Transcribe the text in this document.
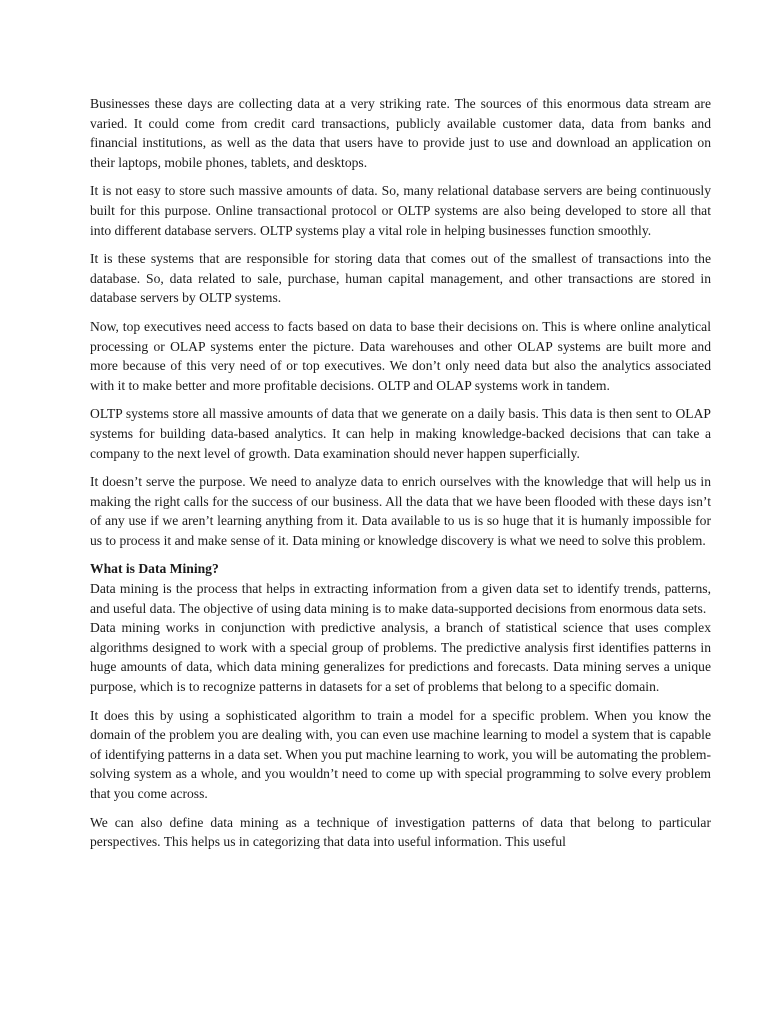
Businesses these days are collecting data at a very striking rate. The sources of this enormous data stream are varied. It could come from credit card transactions, publicly available customer data, data from banks and financial institutions, as well as the data that users have to provide just to use and download an application on their laptops, mobile phones, tablets, and desktops.

It is not easy to store such massive amounts of data. So, many relational database servers are being continuously built for this purpose. Online transactional protocol or OLTP systems are also being developed to store all that into different database servers. OLTP systems play a vital role in helping businesses function smoothly.

It is these systems that are responsible for storing data that comes out of the smallest of transactions into the database. So, data related to sale, purchase, human capital management, and other transactions are stored in database servers by OLTP systems.

Now, top executives need access to facts based on data to base their decisions on. This is where online analytical processing or OLAP systems enter the picture. Data warehouses and other OLAP systems are built more and more because of this very need of or top executives. We don’t only need data but also the analytics associated with it to make better and more profitable decisions. OLTP and OLAP systems work in tandem.

OLTP systems store all massive amounts of data that we generate on a daily basis. This data is then sent to OLAP systems for building data-based analytics. It can help in making knowledge-backed decisions that can take a company to the next level of growth. Data examination should never happen superficially.

It doesn’t serve the purpose. We need to analyze data to enrich ourselves with the knowledge that will help us in making the right calls for the success of our business. All the data that we have been flooded with these days isn’t of any use if we aren’t learning anything from it. Data available to us is so huge that it is humanly impossible for us to process it and make sense of it. Data mining or knowledge discovery is what we need to solve this problem.

What is Data Mining?

Data mining is the process that helps in extracting information from a given data set to identify trends, patterns, and useful data. The objective of using data mining is to make data-supported decisions from enormous data sets.

Data mining works in conjunction with predictive analysis, a branch of statistical science that uses complex algorithms designed to work with a special group of problems. The predictive analysis first identifies patterns in huge amounts of data, which data mining generalizes for predictions and forecasts. Data mining serves a unique purpose, which is to recognize patterns in datasets for a set of problems that belong to a specific domain.

It does this by using a sophisticated algorithm to train a model for a specific problem. When you know the domain of the problem you are dealing with, you can even use machine learning to model a system that is capable of identifying patterns in a data set. When you put machine learning to work, you will be automating the problem-solving system as a whole, and you wouldn’t need to come up with special programming to solve every problem that you come across.

We can also define data mining as a technique of investigation patterns of data that belong to particular perspectives. This helps us in categorizing that data into useful information. This useful
